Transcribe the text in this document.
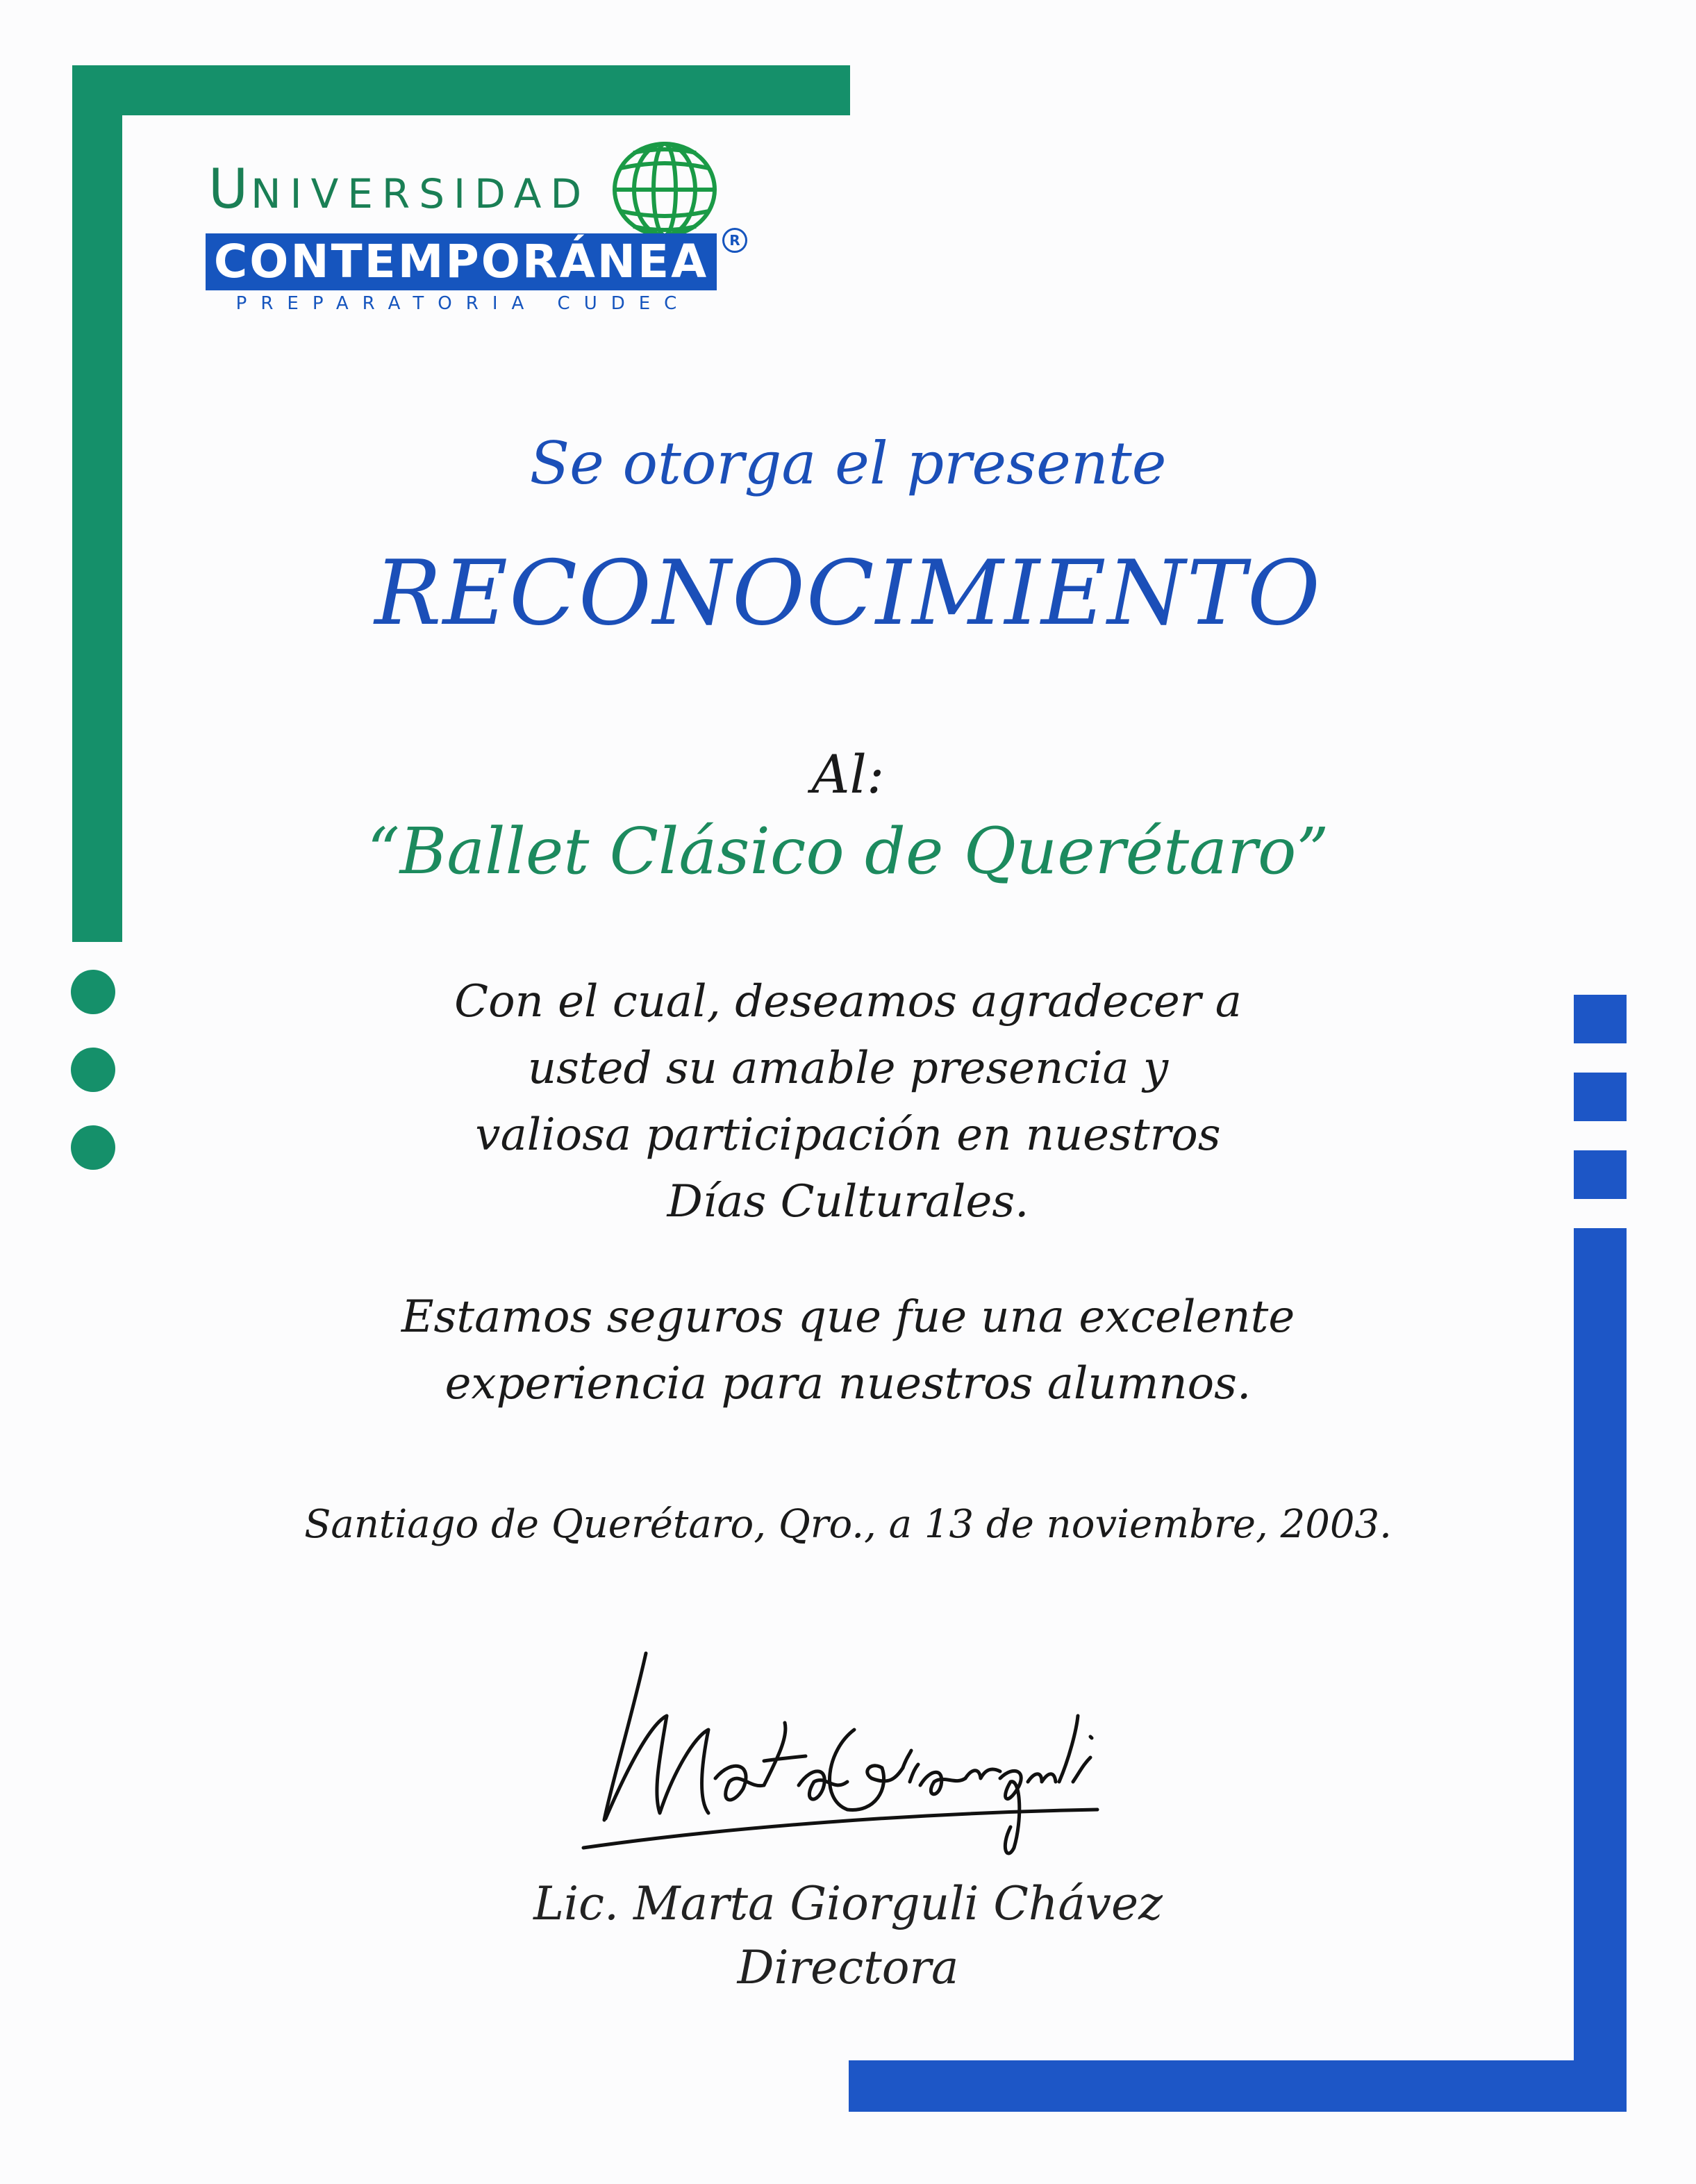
UNIVERSIDAD
CONTEMPORÁNEA	R
PREPARATORIA CUDEC
Se otorga el presente
RECONOCIMIENTO
Al:
“Ballet Clásico de Querétaro”
Con el cual, deseamos agradecer a
usted su amable presencia y
valiosa participación en nuestros
Días Culturales.
Estamos seguros que fue una excelente
experiencia para nuestros alumnos.
Santiago de Querétaro, Qro., a 13 de noviembre, 2003.
Lic. Marta Giorguli Chávez
Directora
